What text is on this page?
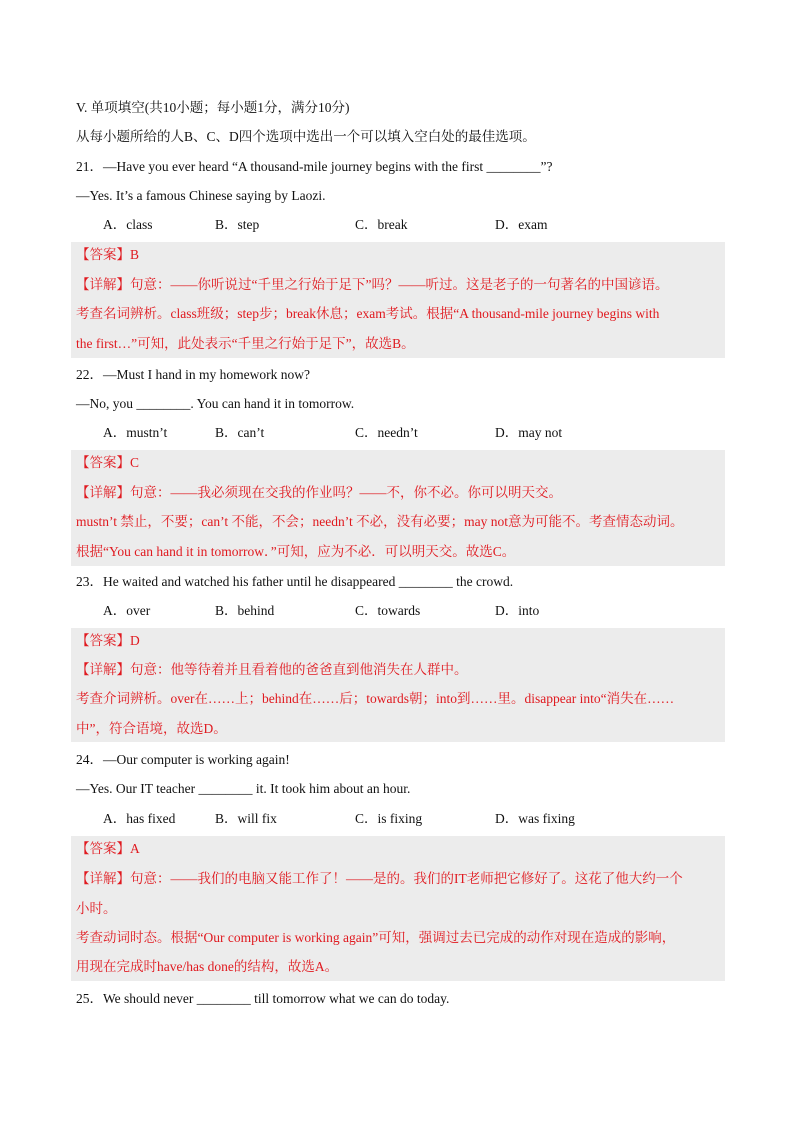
V. 单项填空(共10小题；每小题1分，满分10分)
从每小题所给的人B、C、D四个选项中选出一个可以填入空白处的最佳选项。
21．—Have you ever heard “A thousand-mile journey begins with the first ________”?
—Yes. It’s a famous Chinese saying by Laozi.
A．class	B．step	C．break	D．exam
【答案】B
【详解】句意：——你听说过“千里之行始于足下”吗？——听过。这是老子的一句著名的中国谚语。
考查名词辨析。class班级；step步；break休息；exam考试。根据“A thousand-mile journey begins with
the first…”可知，此处表示“千里之行始于足下”，故选B。
22．—Must I hand in my homework now?
—No, you ________. You can hand it in tomorrow.
A．mustn’t	B．can’t	C．needn’t	D．may not
【答案】C
【详解】句意：——我必须现在交我的作业吗？——不，你不必。你可以明天交。
mustn’t 禁止，不要；can’t 不能，不会；needn’t 不必，没有必要；may not意为可能不。考查情态动词。
根据“You can hand it in tomorrow．”可知，应为不必．可以明天交。故选C。
23．He waited and watched his father until he disappeared ________ the crowd.
A．over	B．behind	C．towards	D．into
【答案】D
【详解】句意：他等待着并且看着他的爸爸直到他消失在人群中。
考查介词辨析。over在……上；behind在……后；towards朝；into到……里。disappear into“消失在……
中”，符合语境，故选D。
24．—Our computer is working again!
—Yes. Our IT teacher ________ it. It took him about an hour.
A．has fixed	B．will fix	C．is fixing	D．was fixing
【答案】A
【详解】句意：——我们的电脑又能工作了！——是的。我们的IT老师把它修好了。这花了他大约一个
小时。
考查动词时态。根据“Our computer is working again”可知，强调过去已完成的动作对现在造成的影响，
用现在完成时have/has done的结构，故选A。
25．We should never ________ till tomorrow what we can do today.
